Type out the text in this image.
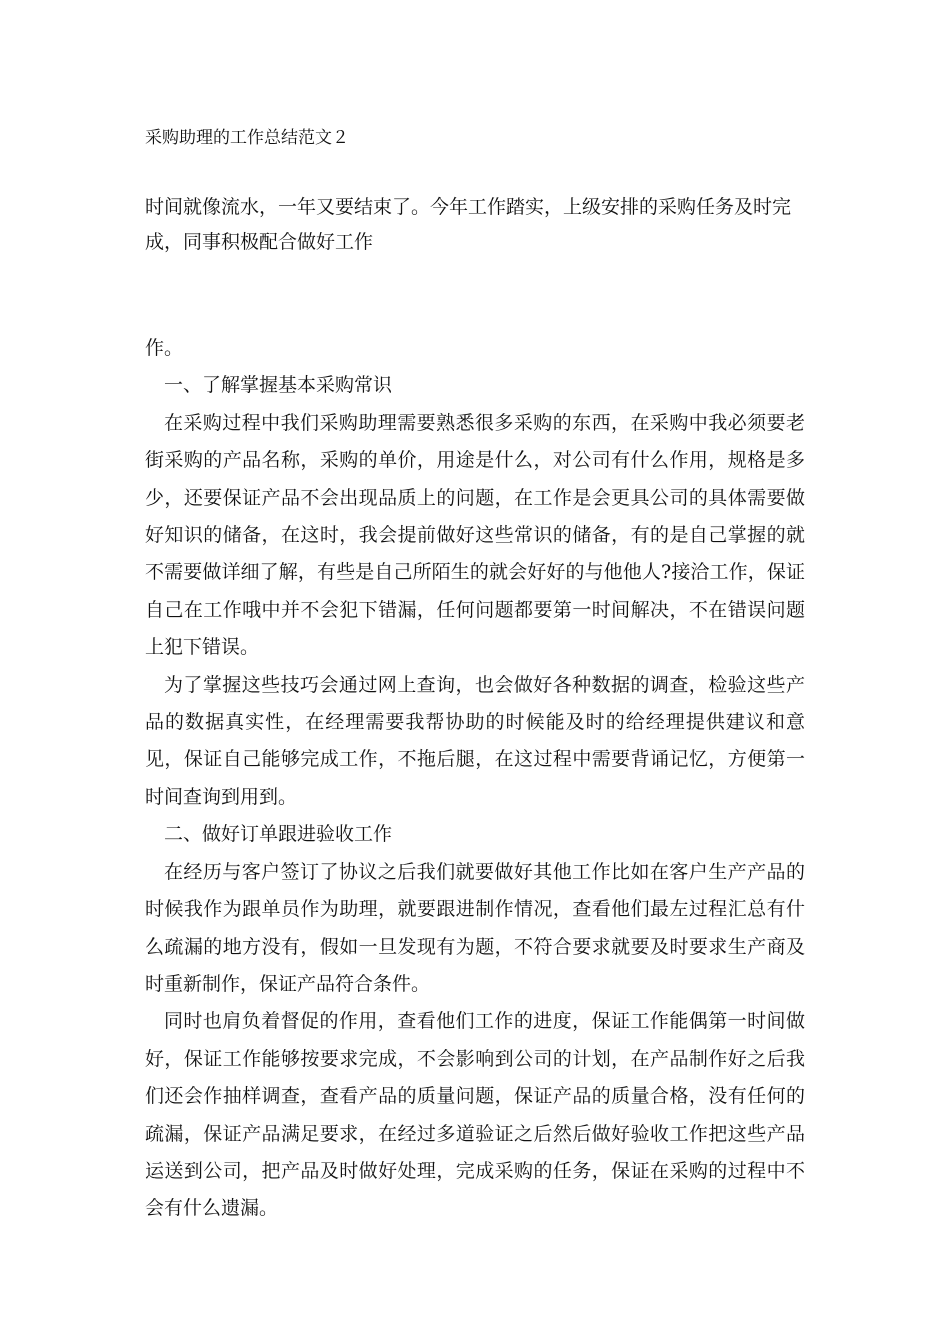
采购助理的工作总结范文２

时间就像流水，一年又要结束了。今年工作踏实，上级安排的采购任务及时完成，同事积极配合做好工作

作。

一、了解掌握基本采购常识

在采购过程中我们采购助理需要熟悉很多采购的东西，在采购中我必须要老街采购的产品名称，采购的单价，用途是什么，对公司有什么作用，规格是多少，还要保证产品不会出现品质上的问题，在工作是会更具公司的具体需要做好知识的储备，在这时，我会提前做好这些常识的储备，有的是自己掌握的就不需要做详细了解，有些是自己所陌生的就会好好的与他他人?接洽工作，保证自己在工作哦中并不会犯下错漏，任何问题都要第一时间解决，不在错误问题上犯下错误。

为了掌握这些技巧会通过网上查询，也会做好各种数据的调查，检验这些产品的数据真实性，在经理需要我帮协助的时候能及时的给经理提供建议和意见，保证自己能够完成工作，不拖后腿，在这过程中需要背诵记忆，方便第一时间查询到用到。

二、做好订单跟进验收工作

在经历与客户签订了协议之后我们就要做好其他工作比如在客户生产产品的时候我作为跟单员作为助理，就要跟进制作情况，查看他们最左过程汇总有什么疏漏的地方没有，假如一旦发现有为题，不符合要求就要及时要求生产商及时重新制作，保证产品符合条件。

同时也肩负着督促的作用，查看他们工作的进度，保证工作能偶第一时间做好，保证工作能够按要求完成，不会影响到公司的计划，在产品制作好之后我们还会作抽样调查，查看产品的质量问题，保证产品的质量合格，没有任何的疏漏，保证产品满足要求，在经过多道验证之后然后做好验收工作把这些产品运送到公司，把产品及时做好处理，完成采购的任务，保证在采购的过程中不会有什么遗漏。
